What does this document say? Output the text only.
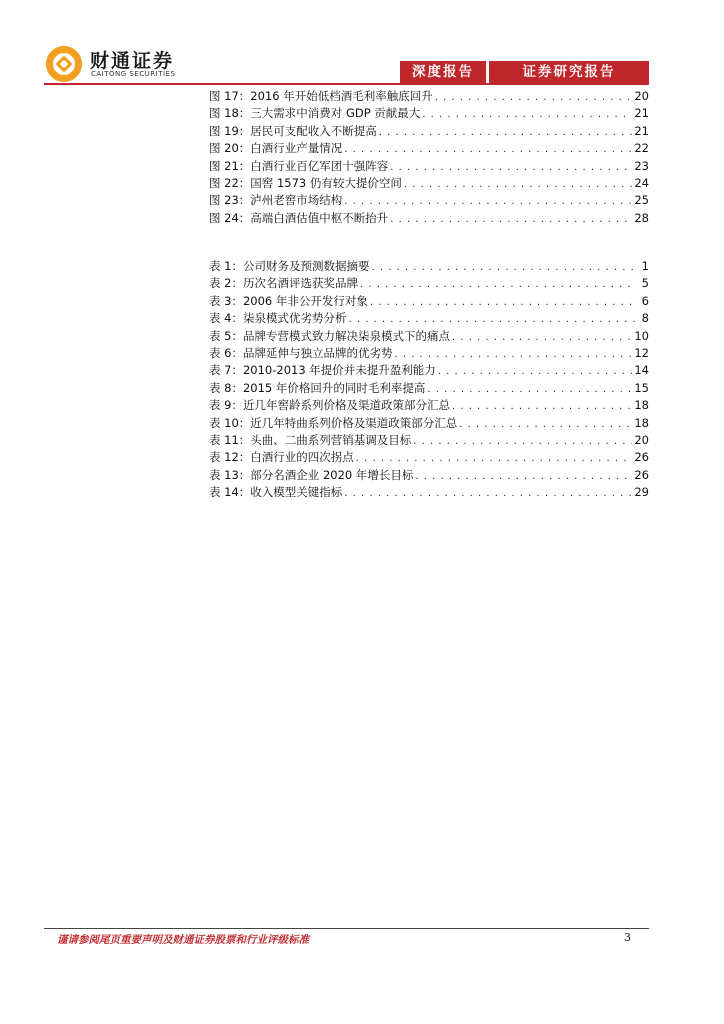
财通证券
CAITONG SECURITIES	深度报告	证券研究报告
图 17：2016 年开始低档酒毛利率触底回升 . . .	20
图 18：三大需求中消费对 GDP 贡献最大 . . .	21
图 19：居民可支配收入不断提高 . . .	21
图 20：白酒行业产量情况 . . .	22
图 21：白酒行业百亿军团十强阵容 . . .	23
图 22：国窖 1573 仍有较大提价空间 . . .	24
图 23：泸州老窖市场结构 . . .	25
图 24：高端白酒估值中枢不断抬升 . . .	28
表 1：公司财务及预测数据摘要 . . .	1
表 2：历次名酒评选获奖品牌 . . .	5
表 3：2006 年非公开发行对象 . . .	6
表 4：柒泉模式优劣势分析 . . .	8
表 5：品牌专营模式致力解决柒泉模式下的痛点 . . .	10
表 6：品牌延伸与独立品牌的优劣势 . . .	12
表 7：2010-2013 年提价并未提升盈利能力 . . .	14
表 8：2015 年价格回升的同时毛利率提高 . . .	15
表 9：近几年窖龄系列价格及渠道政策部分汇总 . . .	18
表 10：近几年特曲系列价格及渠道政策部分汇总 . . .	18
表 11：头曲、二曲系列营销基调及目标 . . .	20
表 12：白酒行业的四次拐点 . . .	26
表 13：部分名酒企业 2020 年增长目标 . . .	26
表 14：收入模型关键指标 . . .	29
谨请参阅尾页重要声明及财通证券股票和行业评级标准	3
